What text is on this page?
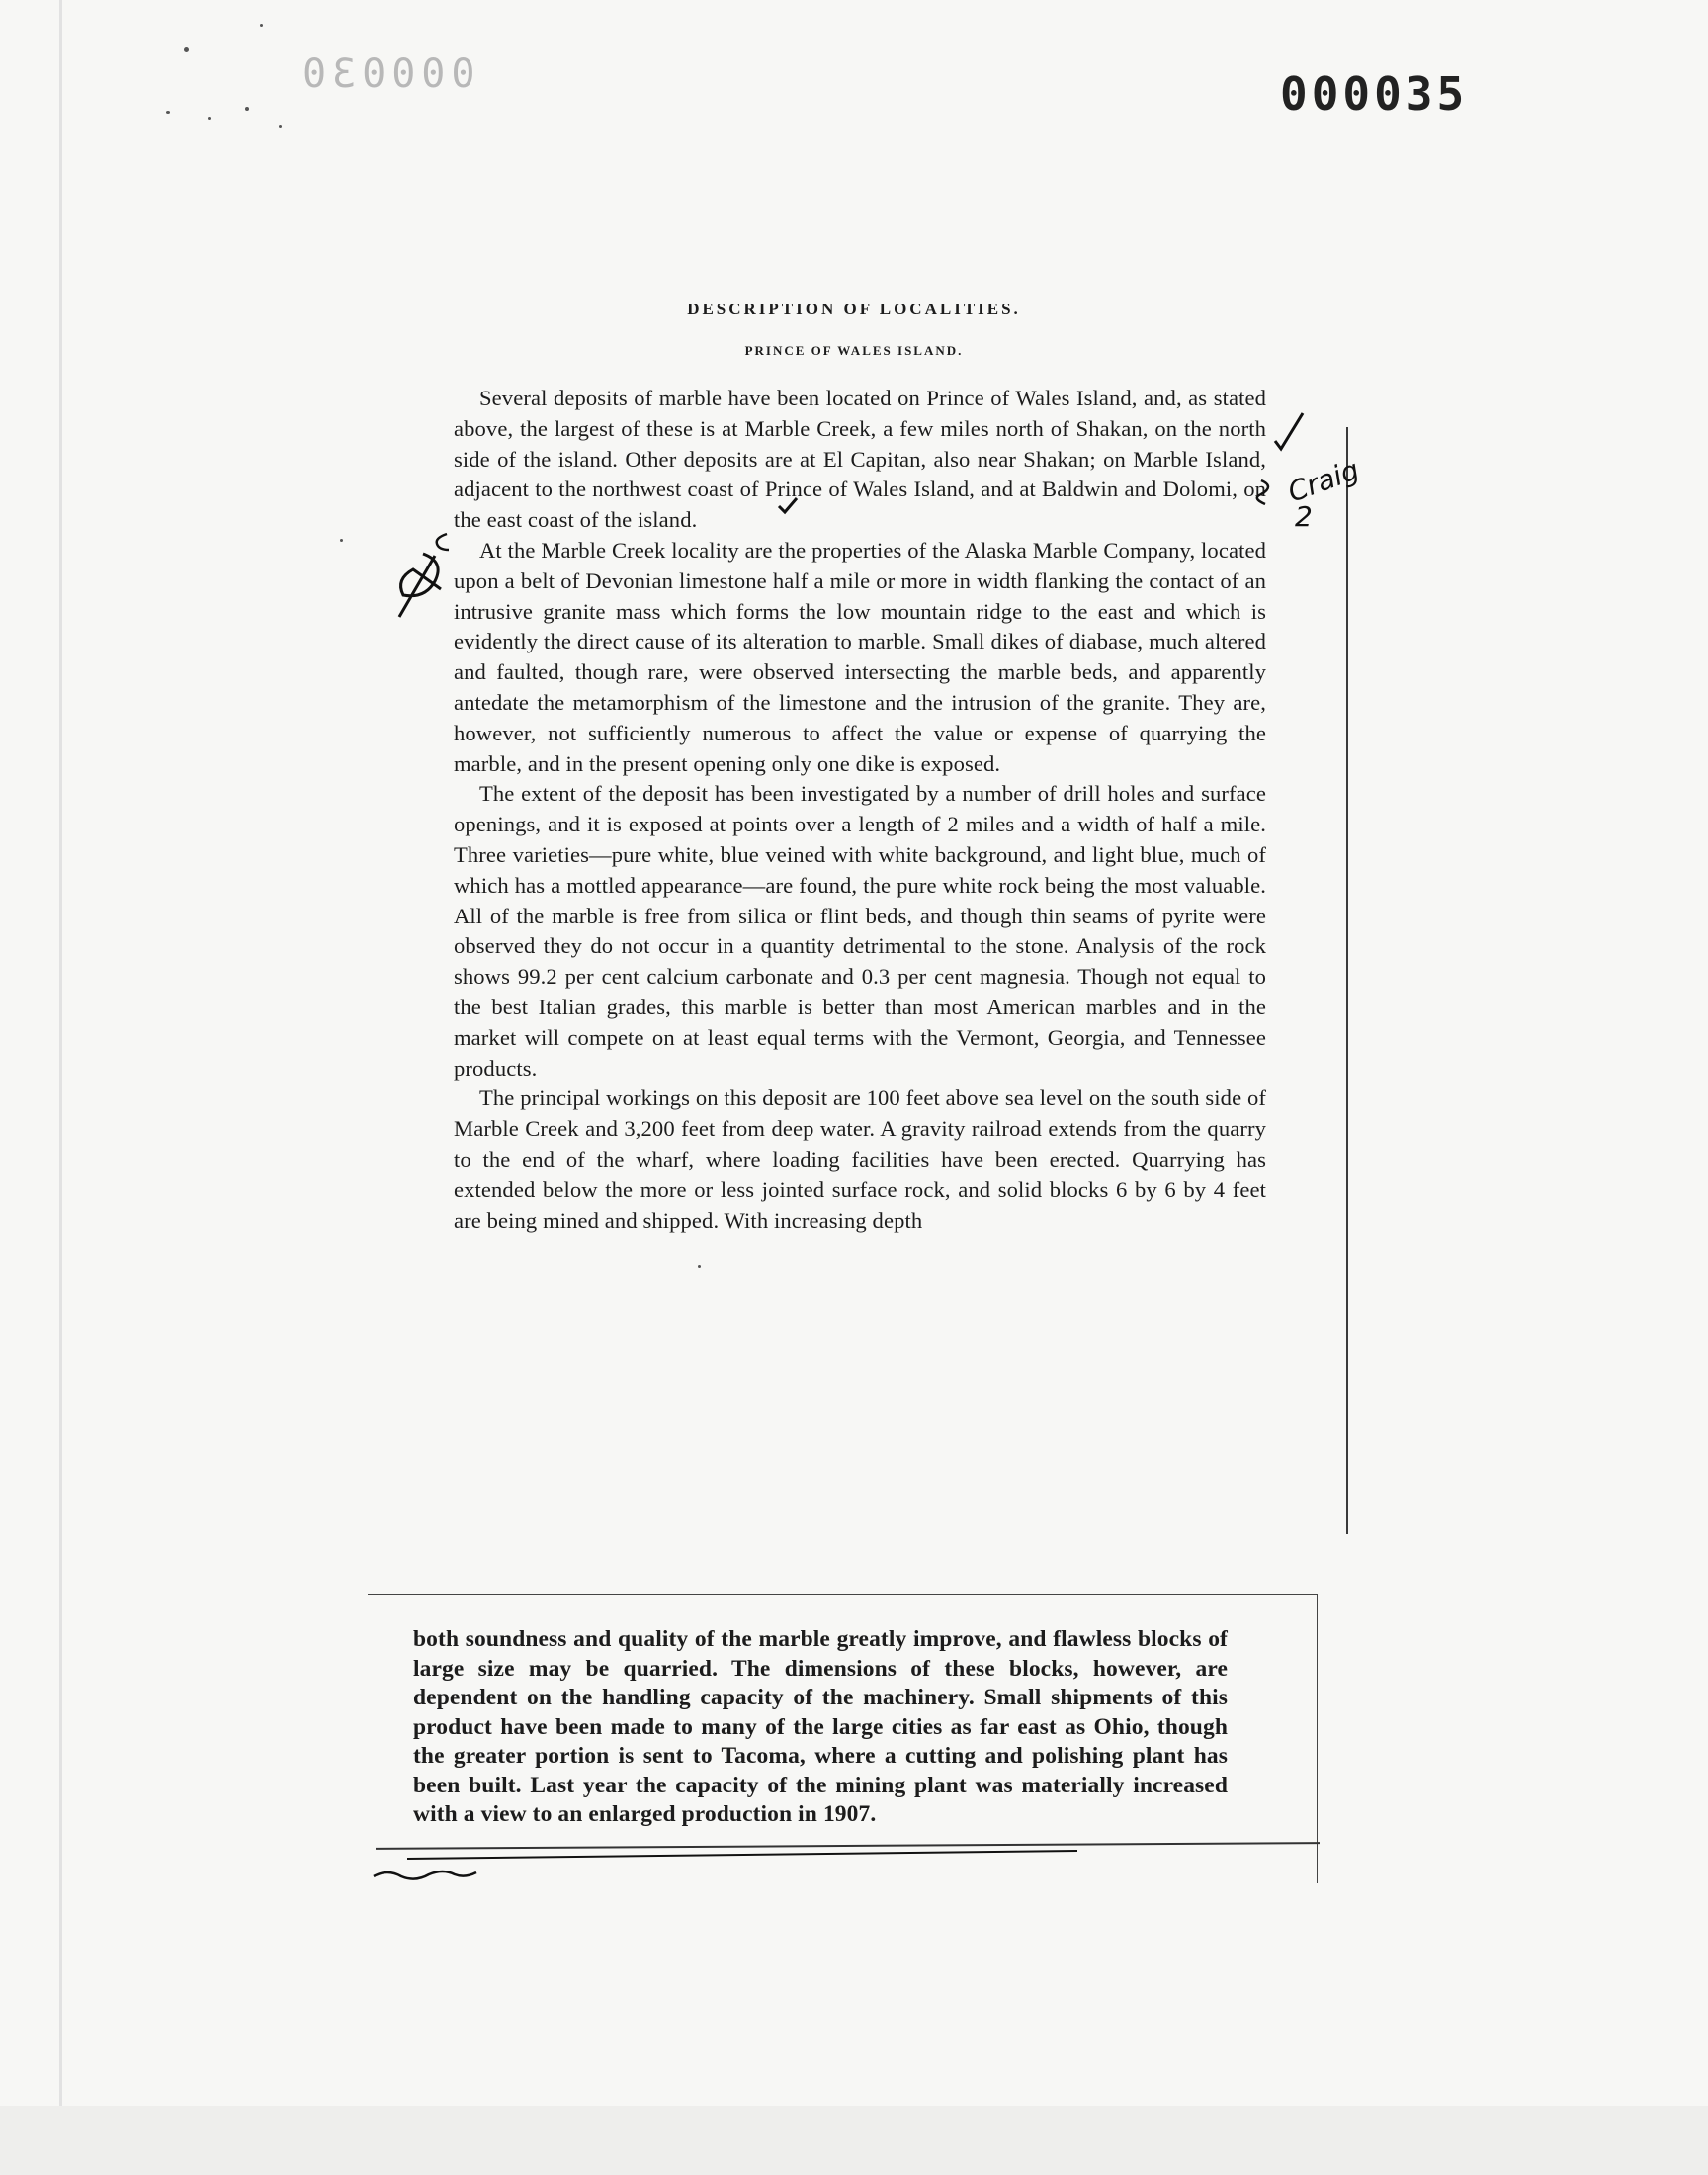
000030	000035
DESCRIPTION OF LOCALITIES.
PRINCE OF WALES ISLAND.

Several deposits of marble have been located on Prince of Wales Island, and, as stated above, the largest of these is at Marble Creek, a few miles north of Shakan, on the north side of the island. Other deposits are at El Capitan, also near Shakan; on Marble Island, adjacent to the northwest coast of Prince of Wales Island, and at Baldwin and Dolomi, on the east coast of the island.

At the Marble Creek locality are the properties of the Alaska Marble Company, located upon a belt of Devonian limestone half a mile or more in width flanking the contact of an intrusive granite mass which forms the low mountain ridge to the east and which is evidently the direct cause of its alteration to marble. Small dikes of diabase, much altered and faulted, though rare, were observed intersecting the marble beds, and apparently antedate the metamorphism of the limestone and the intrusion of the granite. They are, however, not sufficiently numerous to affect the value or expense of quarrying the marble, and in the present opening only one dike is exposed.

The extent of the deposit has been investigated by a number of drill holes and surface openings, and it is exposed at points over a length of 2 miles and a width of half a mile. Three varieties—pure white, blue veined with white background, and light blue, much of which has a mottled appearance—are found, the pure white rock being the most valuable. All of the marble is free from silica or flint beds, and though thin seams of pyrite were observed they do not occur in a quantity detrimental to the stone. Analysis of the rock shows 99.2 per cent calcium carbonate and 0.3 per cent magnesia. Though not equal to the best Italian grades, this marble is better than most American marbles and in the market will compete on at least equal terms with the Vermont, Georgia, and Tennessee products.

The principal workings on this deposit are 100 feet above sea level on the south side of Marble Creek and 3,200 feet from deep water. A gravity railroad extends from the quarry to the end of the wharf, where loading facilities have been erected. Quarrying has extended below the more or less jointed surface rock, and solid blocks 6 by 6 by 4 feet are being mined and shipped. With increasing depth

both soundness and quality of the marble greatly improve, and flawless blocks of large size may be quarried. The dimensions of these blocks, however, are dependent on the handling capacity of the machinery. Small shipments of this product have been made to many of the large cities as far east as Ohio, though the greater portion is sent to Tacoma, where a cutting and polishing plant has been built. Last year the capacity of the mining plant was materially increased with a view to an enlarged production in 1907.

Craig
2
